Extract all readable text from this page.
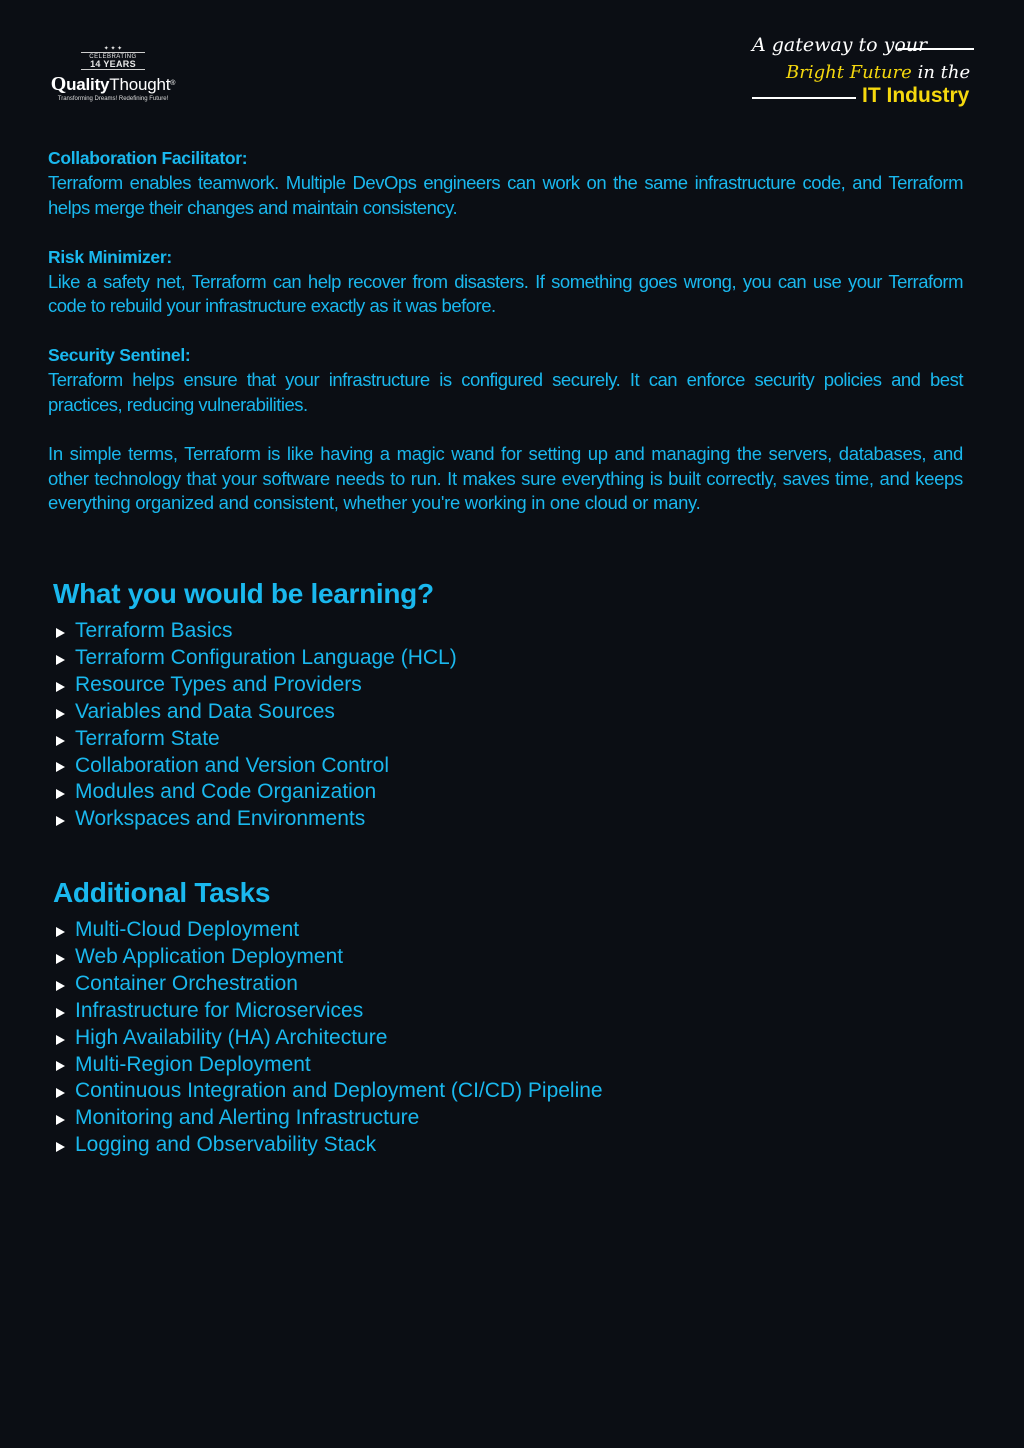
✦ ✦ ✦
CELEBRATING
14 YEARS
QualityThought®
Transforming Dreams! Redefining Future!
A gateway to your
Bright Future in the
IT Industry
Collaboration Facilitator:
Terraform enables teamwork. Multiple DevOps engineers can work on the same infrastructure code, and Terraform helps merge their changes and maintain consistency.
Risk Minimizer:
Like a safety net, Terraform can help recover from disasters. If something goes wrong, you can use your Terraform code to rebuild your infrastructure exactly as it was before.
Security Sentinel:
Terraform helps ensure that your infrastructure is configured securely. It can enforce security policies and best practices, reducing vulnerabilities.

In simple terms, Terraform is like having a magic wand for setting up and managing the servers, databases, and other technology that your software needs to run. It makes sure everything is built correctly, saves time, and keeps everything organized and consistent, whether you're working in one cloud or many.

What you would be learning?
Terraform Basics
Terraform Configuration Language (HCL)
Resource Types and Providers
Variables and Data Sources
Terraform State
Collaboration and Version Control
Modules and Code Organization
Workspaces and Environments
Additional Tasks
Multi-Cloud Deployment
Web Application Deployment
Container Orchestration
Infrastructure for Microservices
High Availability (HA) Architecture
Multi-Region Deployment
Continuous Integration and Deployment (CI/CD) Pipeline
Monitoring and Alerting Infrastructure
Logging and Observability Stack
